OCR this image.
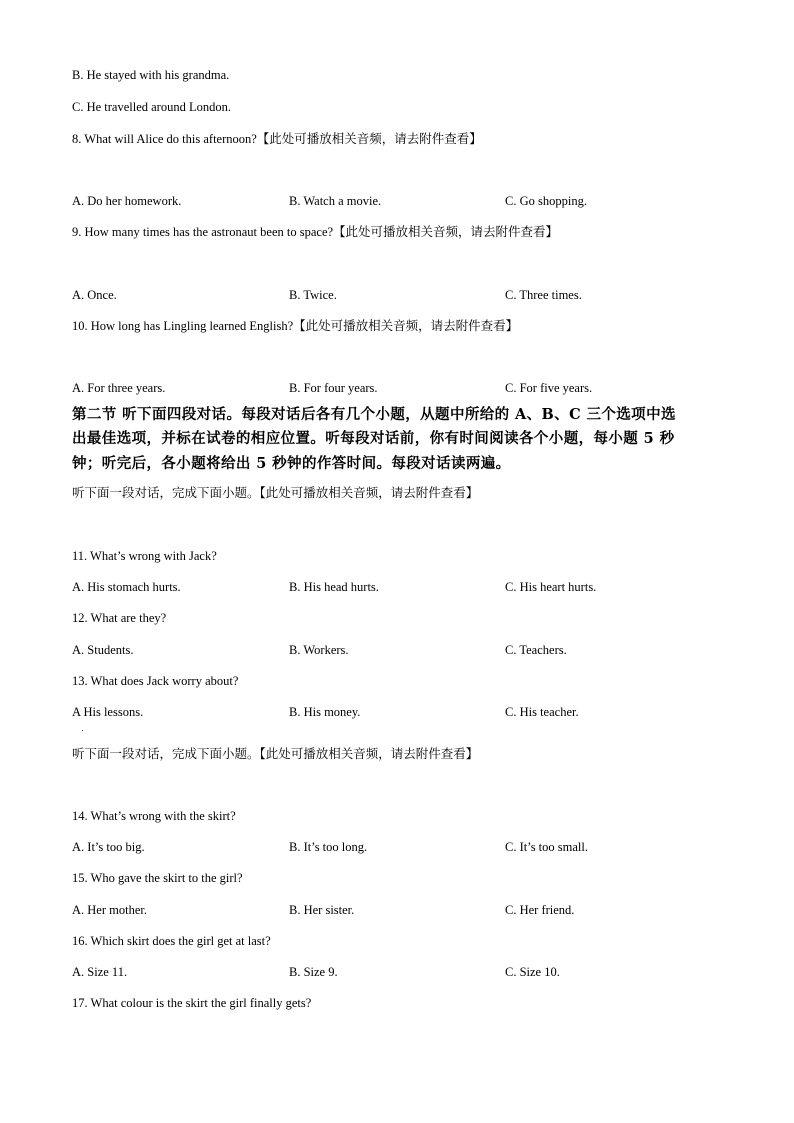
B. He stayed with his grandma.
C. He travelled around London.
8. What will Alice do this afternoon?【此处可播放相关音频，请去附件查看】
A. Do her homework.	B. Watch a movie.	C. Go shopping.
9. How many times has the astronaut been to space?【此处可播放相关音频，请去附件查看】
A. Once.	B. Twice.	C. Three times.
10. How long has Lingling learned English?【此处可播放相关音频，请去附件查看】
A. For three years.	B. For four years.	C. For five years.
第二节 听下面四段对话。每段对话后各有几个小题，从题中所给的 A、B、C 三个选项中选
出最佳选项，并标在试卷的相应位置。听每段对话前，你有时间阅读各个小题，每小题 5 秒
钟；听完后，各小题将给出 5 秒钟的作答时间。每段对话读两遍。
听下面一段对话，完成下面小题。【此处可播放相关音频，请去附件查看】
11. What’s wrong with Jack?
A. His stomach hurts.	B. His head hurts.	C. His heart hurts.
12. What are they?
A. Students.	B. Workers.	C. Teachers.
13. What does Jack worry about?
A His lessons.	B. His money.	C. His teacher.
听下面一段对话，完成下面小题。【此处可播放相关音频，请去附件查看】
14. What’s wrong with the skirt?
A. It’s too big.	B. It’s too long.	C. It’s too small.
15. Who gave the skirt to the girl?
A. Her mother.	B. Her sister.	C. Her friend.
16. Which skirt does the girl get at last?
A. Size 11.	B. Size 9.	C. Size 10.
17. What colour is the skirt the girl finally gets?
